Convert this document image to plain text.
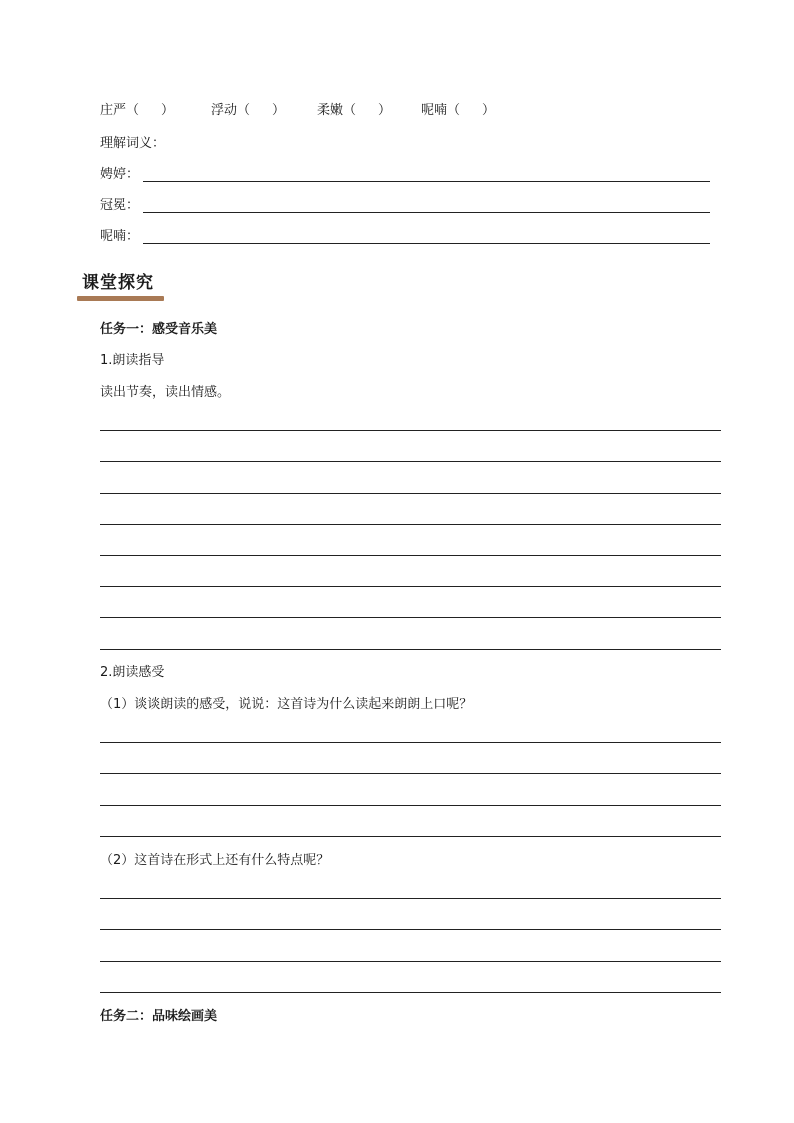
庄严（ ）	浮动（ ） 柔嫩（ ） 呢喃（ ）
理解词义：
娉婷：
冠冕：
呢喃：
课堂探究
任务一：感受音乐美
1.朗读指导
读出节奏，读出情感。
2.朗读感受
（1）谈谈朗读的感受，说说：这首诗为什么读起来朗朗上口呢？
（2）这首诗在形式上还有什么特点呢？
任务二：品味绘画美
